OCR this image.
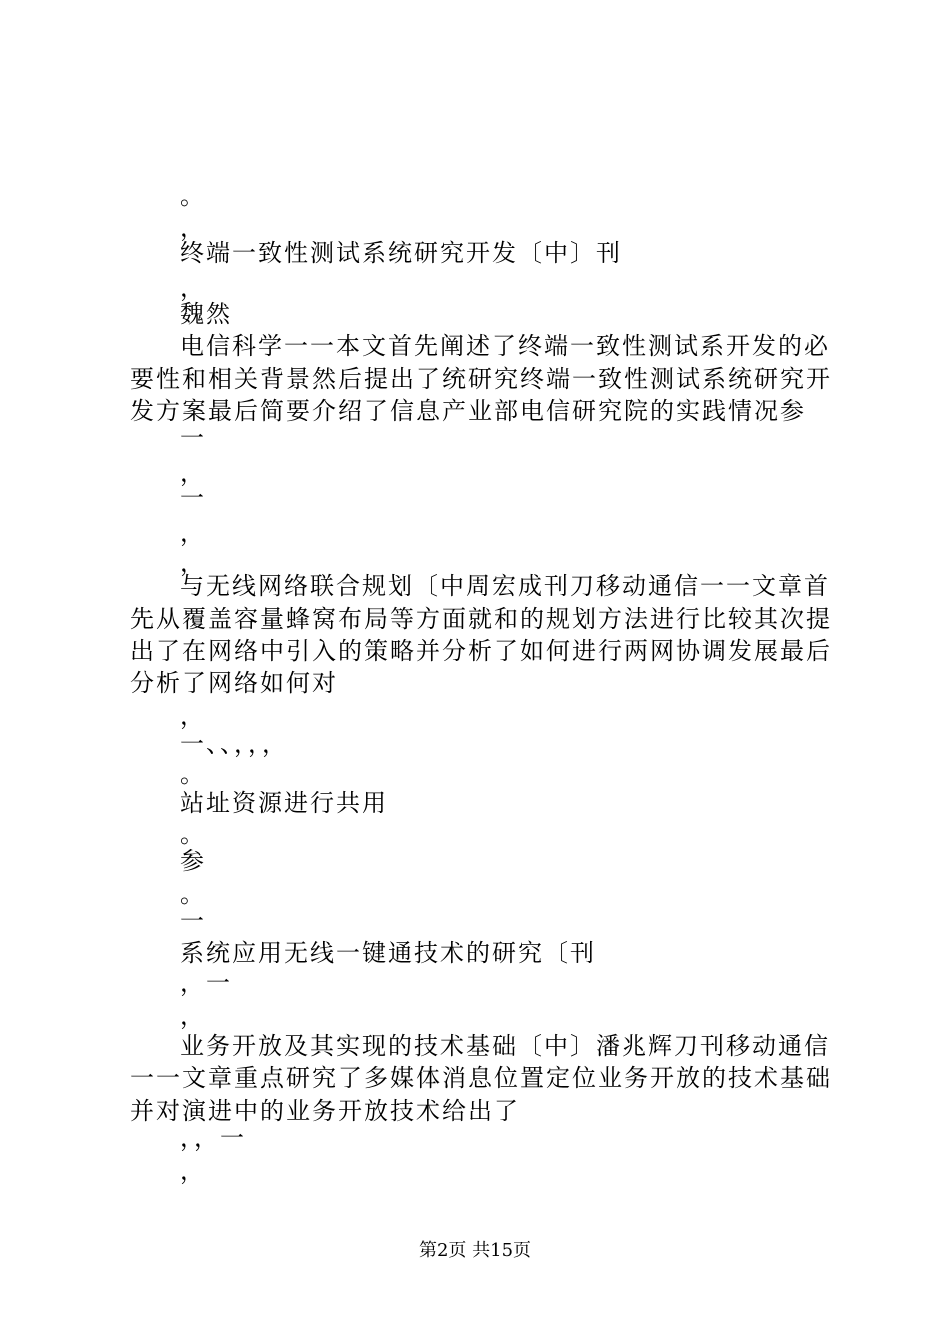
。
，
终端一致性测试系统研究开发〔中〕刊
，
魏然
电信科学一一本文首先阐述了终端一致性测试系开发的必
要性和相关背景然后提出了统研究终端一致性测试系统研究开
发方案最后简要介绍了信息产业部电信研究院的实践情况参
一
，
一
，
，
与无线网络联合规划〔中周宏成刊刀移动通信一一文章首
先从覆盖容量蜂窝布局等方面就和的规划方法进行比较其次提
出了在网络中引入的策略并分析了如何进行两网协调发展最后
分析了网络如何对
，
一、、，，，
。
站址资源进行共用
。
参
。
一
系统应用无线一键通技术的研究〔刊
，一
，
业务开放及其实现的技术基础〔中〕潘兆辉刀刊移动通信
一一文章重点研究了多媒体消息位置定位业务开放的技术基础
并对演进中的业务开放技术给出了
，，一
，
第2页 共15页
